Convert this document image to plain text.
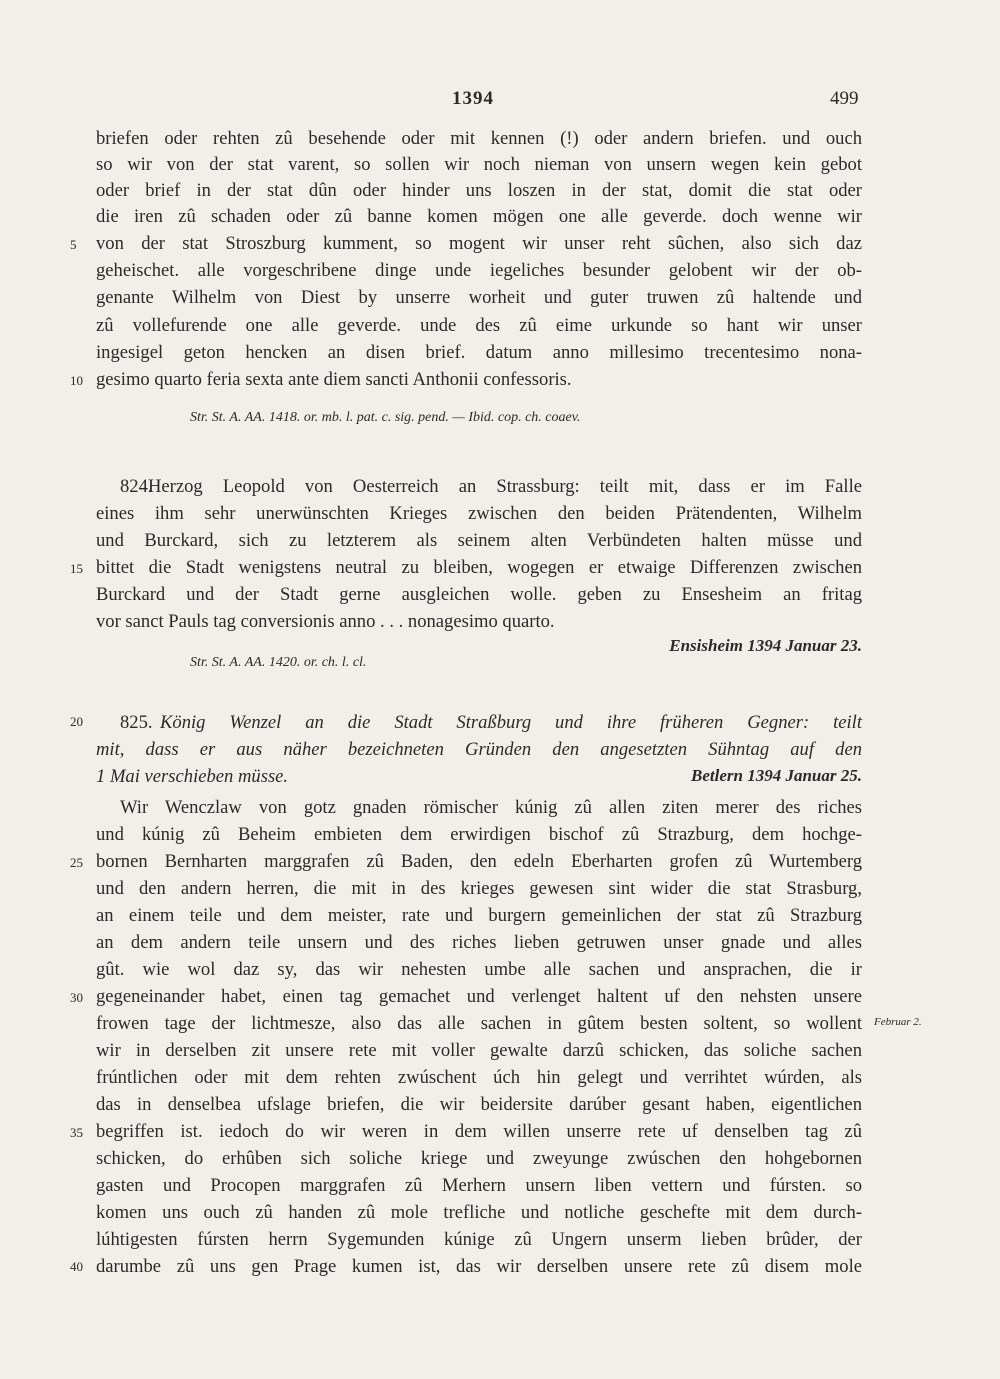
1394	499
briefen oder rehten zû besehende oder mit kennen (!) oder andern briefen. und ouch
so wir von der stat varent, so sollen wir noch nieman von unsern wegen kein gebot
oder brief in der stat dûn oder hinder uns loszen in der stat, domit die stat oder
die iren zû schaden oder zû banne komen mögen one alle geverde. doch wenne wir
von der stat Stroszburg kumment, so mogent wir unser reht sûchen, also sich daz
geheischet. alle vorgeschribene dinge unde iegeliches besunder gelobent wir der ob-
genante Wilhelm von Diest by unserre worheit und guter truwen zû haltende und
zû vollefurende one alle geverde. unde des zû eime urkunde so hant wir unser
ingesigel geton hencken an disen brief. datum anno millesimo trecentesimo nona-
gesimo quarto feria sexta ante diem sancti Anthonii confessoris.
Str. St. A. AA. 1418. or. mb. l. pat. c. sig. pend. — Ibid. cop. ch. coaev.
Herzog Leopold von Oesterreich an Strassburg: teilt mit, dass er im Falle
824.
eines ihm sehr unerwünschten Krieges zwischen den beiden Prätendenten, Wilhelm
und Burckard, sich zu letzterem als seinem alten Verbündeten halten müsse und
bittet die Stadt wenigstens neutral zu bleiben, wogegen er etwaige Differenzen zwischen
Burckard und der Stadt gerne ausgleichen wolle. geben zu Ensesheim an fritag
vor sanct Pauls tag conversionis anno . . . nonagesimo quarto.
Ensisheim 1394 Januar 23.
Str. St. A. AA. 1420. or. ch. l. cl.
825. König Wenzel an die Stadt Straßburg und ihre früheren Gegner: teilt
mit, dass er aus näher bezeichneten Gründen den angesetzten Sühntag auf den
1 Mai verschieben müsse.	Betlern 1394 Januar 25.
Wir Wenczlaw von gotz gnaden römischer kúnig zû allen ziten merer des riches
und kúnig zû Beheim embieten dem erwirdigen bischof zû Strazburg, dem hochge-
bornen Bernharten marggrafen zû Baden, den edeln Eberharten grofen zû Wurtemberg
und den andern herren, die mit in des krieges gewesen sint wider die stat Strasburg,
an einem teile und dem meister, rate und burgern gemeinlichen der stat zû Strazburg
an dem andern teile unsern und des riches lieben getruwen unser gnade und alles
gût. wie wol daz sy, das wir nehesten umbe alle sachen und ansprachen, die ir
gegeneinander habet, einen tag gemachet und verlenget haltent uf den nehsten unsere
frowen tage der lichtmesze, also das alle sachen in gûtem besten soltent, so wollent
wir in derselben zit unsere rete mit voller gewalte darzû schicken, das soliche sachen
frúntlichen oder mit dem rehten zwúschent úch hin gelegt und verrihtet wúrden, als
das in denselbea ufslage briefen, die wir beidersite darúber gesant haben, eigentlichen
begriffen ist. iedoch do wir weren in dem willen unserre rete uf denselben tag zû
schicken, do erhûben sich soliche kriege und zweyunge zwúschen den hohgebornen
gasten und Procopen marggrafen zû Merhern unsern liben vettern und fúrsten. so
komen uns ouch zû handen zû mole trefliche und notliche geschefte mit dem durch-
lúhtigesten fúrsten herrn Sygemunden kúnige zû Ungern unserm lieben brûder, der
darumbe zû uns gen Prage kumen ist, das wir derselben unsere rete zû disem mole
Februar 2.
5
10
15
20
25
30
35
40
